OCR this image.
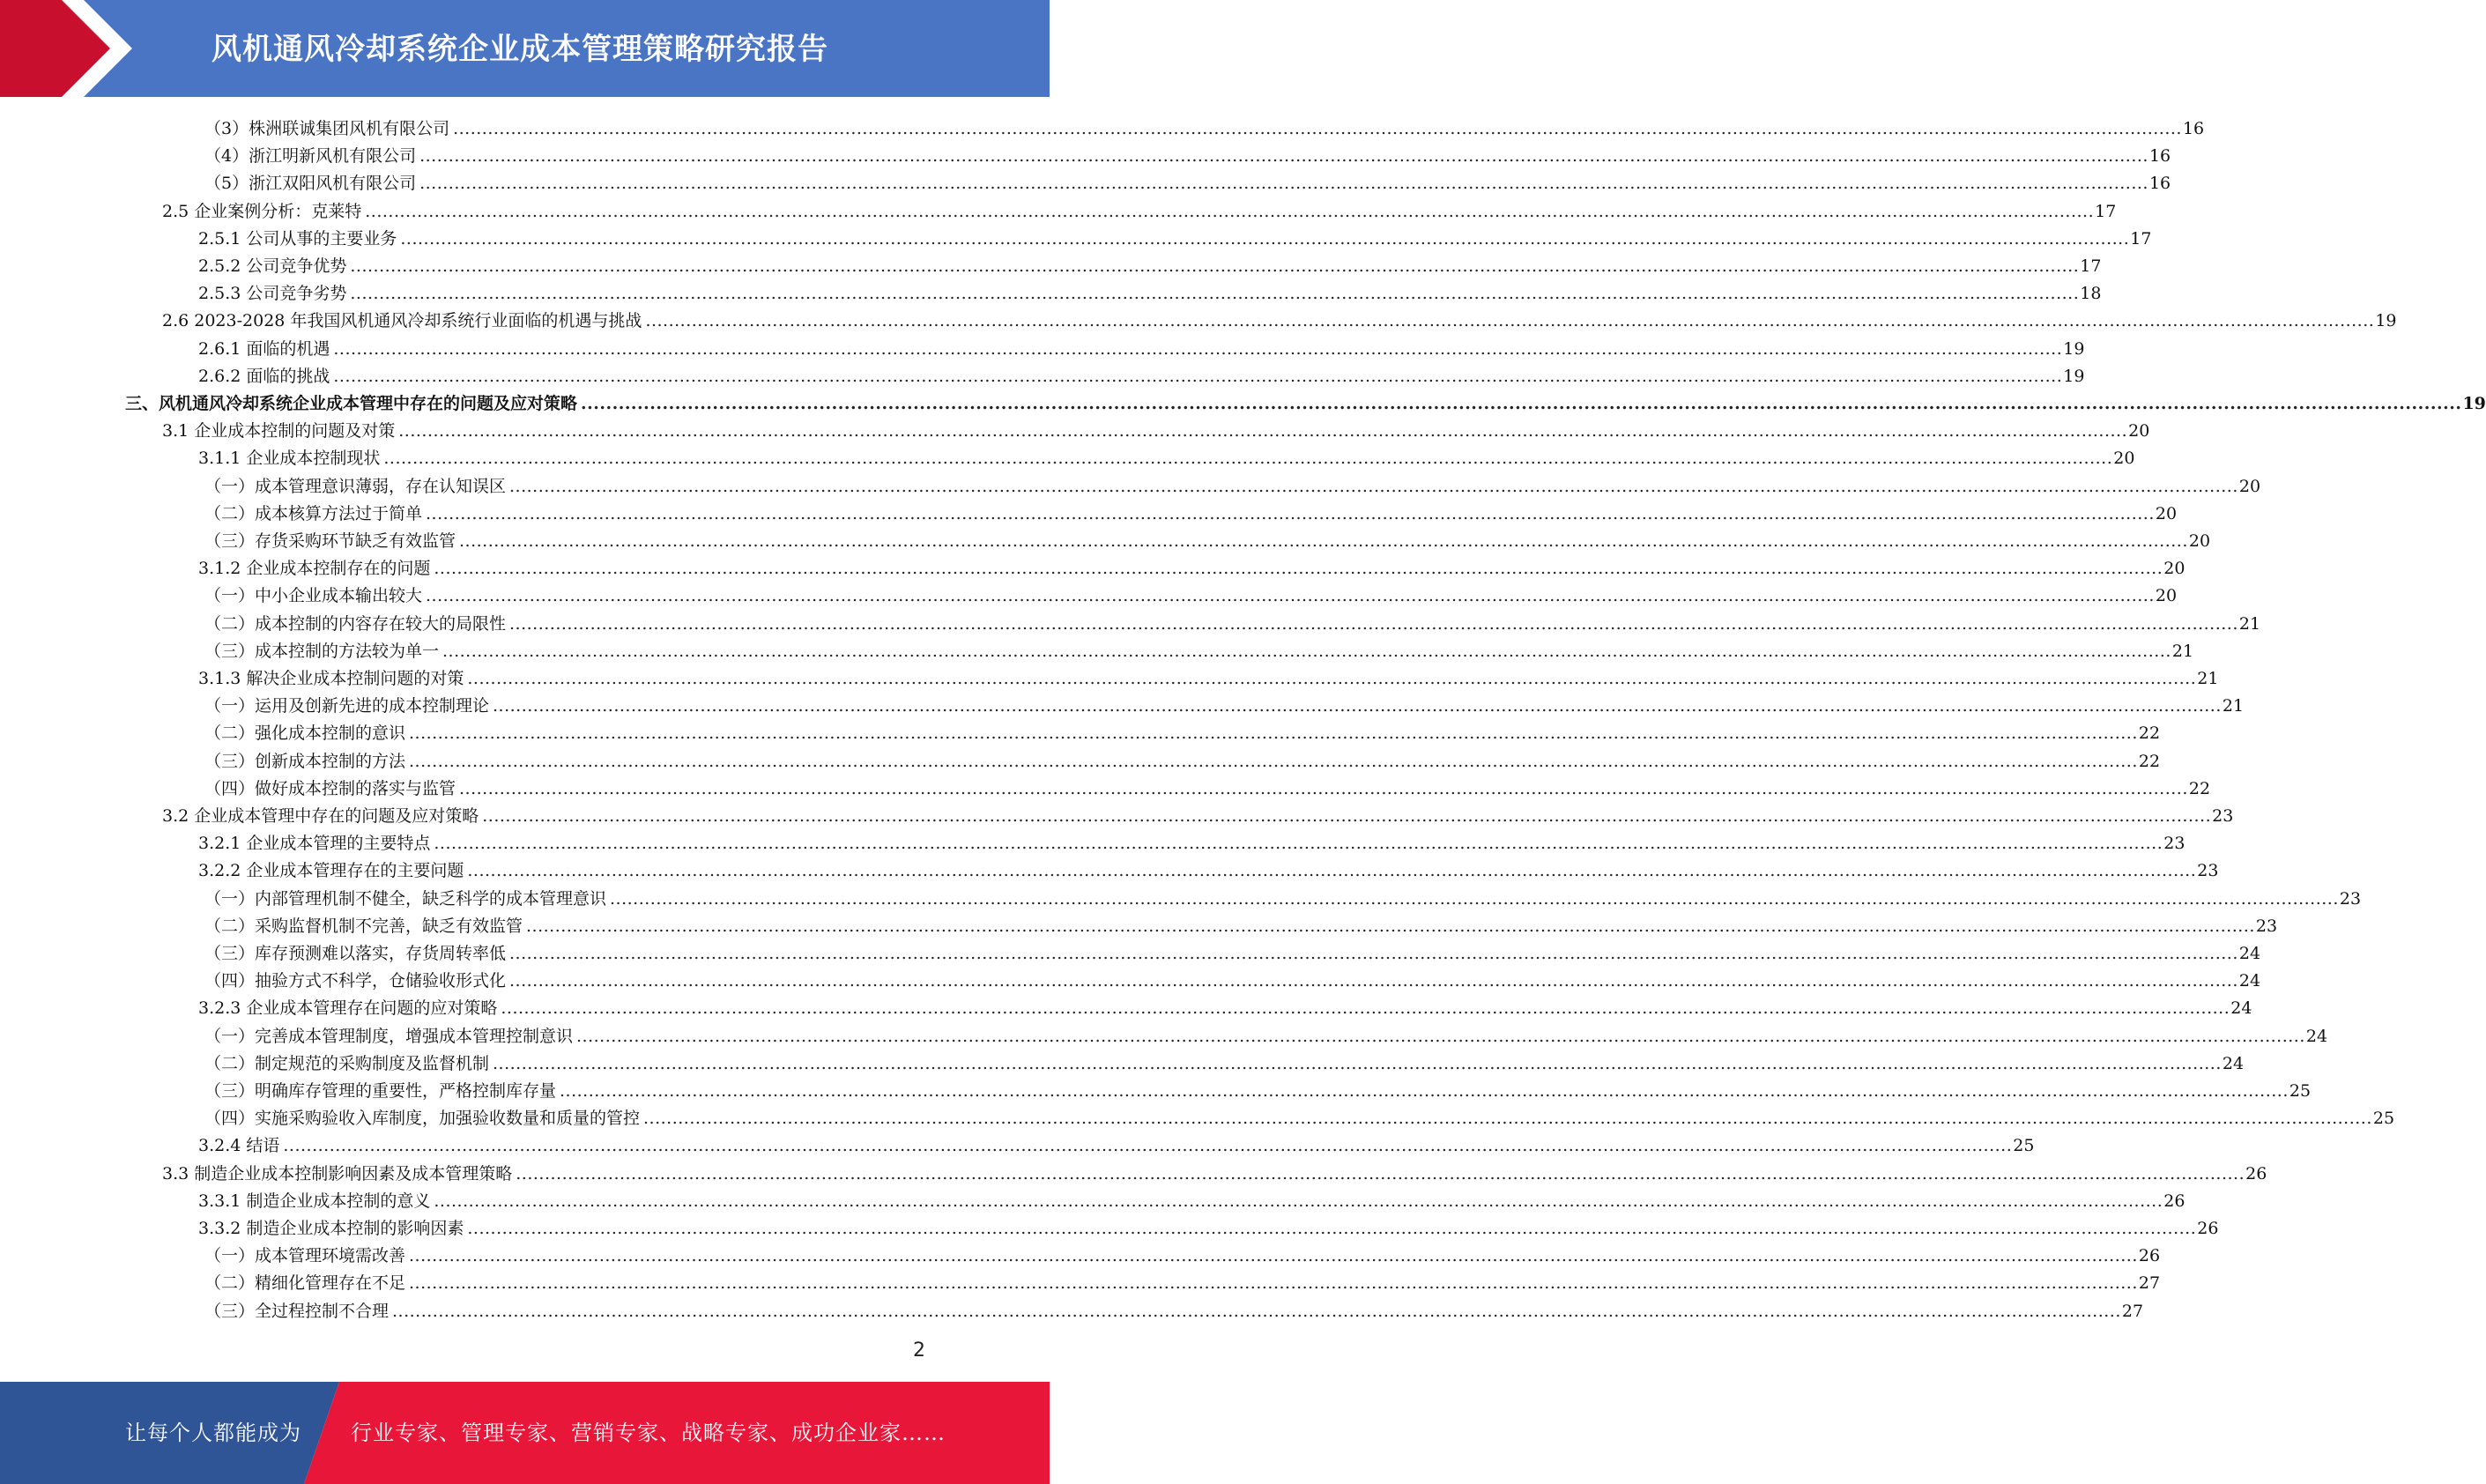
风机通风冷却系统企业成本管理策略研究报告
（3）株洲联诚集团风机有限公司 ............................................................................................................................................................................................................................................................................................................ 16
（4）浙江明新风机有限公司 ............................................................................................................................................................................................................................................................................................................ 16
（5）浙江双阳风机有限公司 ............................................................................................................................................................................................................................................................................................................ 16
2.5 企业案例分析：克莱特 ............................................................................................................................................................................................................................................................................................................ 17
2.5.1 公司从事的主要业务 ............................................................................................................................................................................................................................................................................................................ 17
2.5.2 公司竞争优势 ............................................................................................................................................................................................................................................................................................................ 17
2.5.3 公司竞争劣势 ............................................................................................................................................................................................................................................................................................................ 18
2.6 2023-2028 年我国风机通风冷却系统行业面临的机遇与挑战 ............................................................................................................................................................................................................................................................................................................ 19
2.6.1 面临的机遇 ............................................................................................................................................................................................................................................................................................................ 19
2.6.2 面临的挑战 ............................................................................................................................................................................................................................................................................................................ 19
三、风机通风冷却系统企业成本管理中存在的问题及应对策略 ............................................................................................................................................................................................................................................................................................................ 19
3.1 企业成本控制的问题及对策 ............................................................................................................................................................................................................................................................................................................ 20
3.1.1 企业成本控制现状 ............................................................................................................................................................................................................................................................................................................ 20
（一）成本管理意识薄弱，存在认知误区 ............................................................................................................................................................................................................................................................................................................ 20
（二）成本核算方法过于简单 ............................................................................................................................................................................................................................................................................................................ 20
（三）存货采购环节缺乏有效监管 ............................................................................................................................................................................................................................................................................................................ 20
3.1.2 企业成本控制存在的问题 ............................................................................................................................................................................................................................................................................................................ 20
（一）中小企业成本输出较大 ............................................................................................................................................................................................................................................................................................................ 20
（二）成本控制的内容存在较大的局限性 ............................................................................................................................................................................................................................................................................................................ 21
（三）成本控制的方法较为单一 ............................................................................................................................................................................................................................................................................................................ 21
3.1.3 解决企业成本控制问题的对策 ............................................................................................................................................................................................................................................................................................................ 21
（一）运用及创新先进的成本控制理论 ............................................................................................................................................................................................................................................................................................................ 21
（二）强化成本控制的意识 ............................................................................................................................................................................................................................................................................................................ 22
（三）创新成本控制的方法 ............................................................................................................................................................................................................................................................................................................ 22
（四）做好成本控制的落实与监管 ............................................................................................................................................................................................................................................................................................................ 22
3.2 企业成本管理中存在的问题及应对策略 ............................................................................................................................................................................................................................................................................................................ 23
3.2.1 企业成本管理的主要特点 ............................................................................................................................................................................................................................................................................................................ 23
3.2.2 企业成本管理存在的主要问题 ............................................................................................................................................................................................................................................................................................................ 23
（一）内部管理机制不健全，缺乏科学的成本管理意识 ............................................................................................................................................................................................................................................................................................................ 23
（二）采购监督机制不完善，缺乏有效监管 ............................................................................................................................................................................................................................................................................................................ 23
（三）库存预测难以落实，存货周转率低 ............................................................................................................................................................................................................................................................................................................ 24
（四）抽验方式不科学，仓储验收形式化 ............................................................................................................................................................................................................................................................................................................ 24
3.2.3 企业成本管理存在问题的应对策略 ............................................................................................................................................................................................................................................................................................................ 24
（一）完善成本管理制度，增强成本管理控制意识 ............................................................................................................................................................................................................................................................................................................ 24
（二）制定规范的采购制度及监督机制 ............................................................................................................................................................................................................................................................................................................ 24
（三）明确库存管理的重要性，严格控制库存量 ............................................................................................................................................................................................................................................................................................................ 25
（四）实施采购验收入库制度，加强验收数量和质量的管控 ............................................................................................................................................................................................................................................................................................................ 25
3.2.4 结语 ............................................................................................................................................................................................................................................................................................................ 25
3.3 制造企业成本控制影响因素及成本管理策略 ............................................................................................................................................................................................................................................................................................................ 26
3.3.1 制造企业成本控制的意义 ............................................................................................................................................................................................................................................................................................................ 26
3.3.2 制造企业成本控制的影响因素 ............................................................................................................................................................................................................................................................................................................ 26
（一）成本管理环境需改善 ............................................................................................................................................................................................................................................................................................................ 26
（二）精细化管理存在不足 ............................................................................................................................................................................................................................................................................................................ 27
（三）全过程控制不合理 ............................................................................................................................................................................................................................................................................................................ 27
2
让每个人都能成为 行业专家、管理专家、营销专家、战略专家、成功企业家……
